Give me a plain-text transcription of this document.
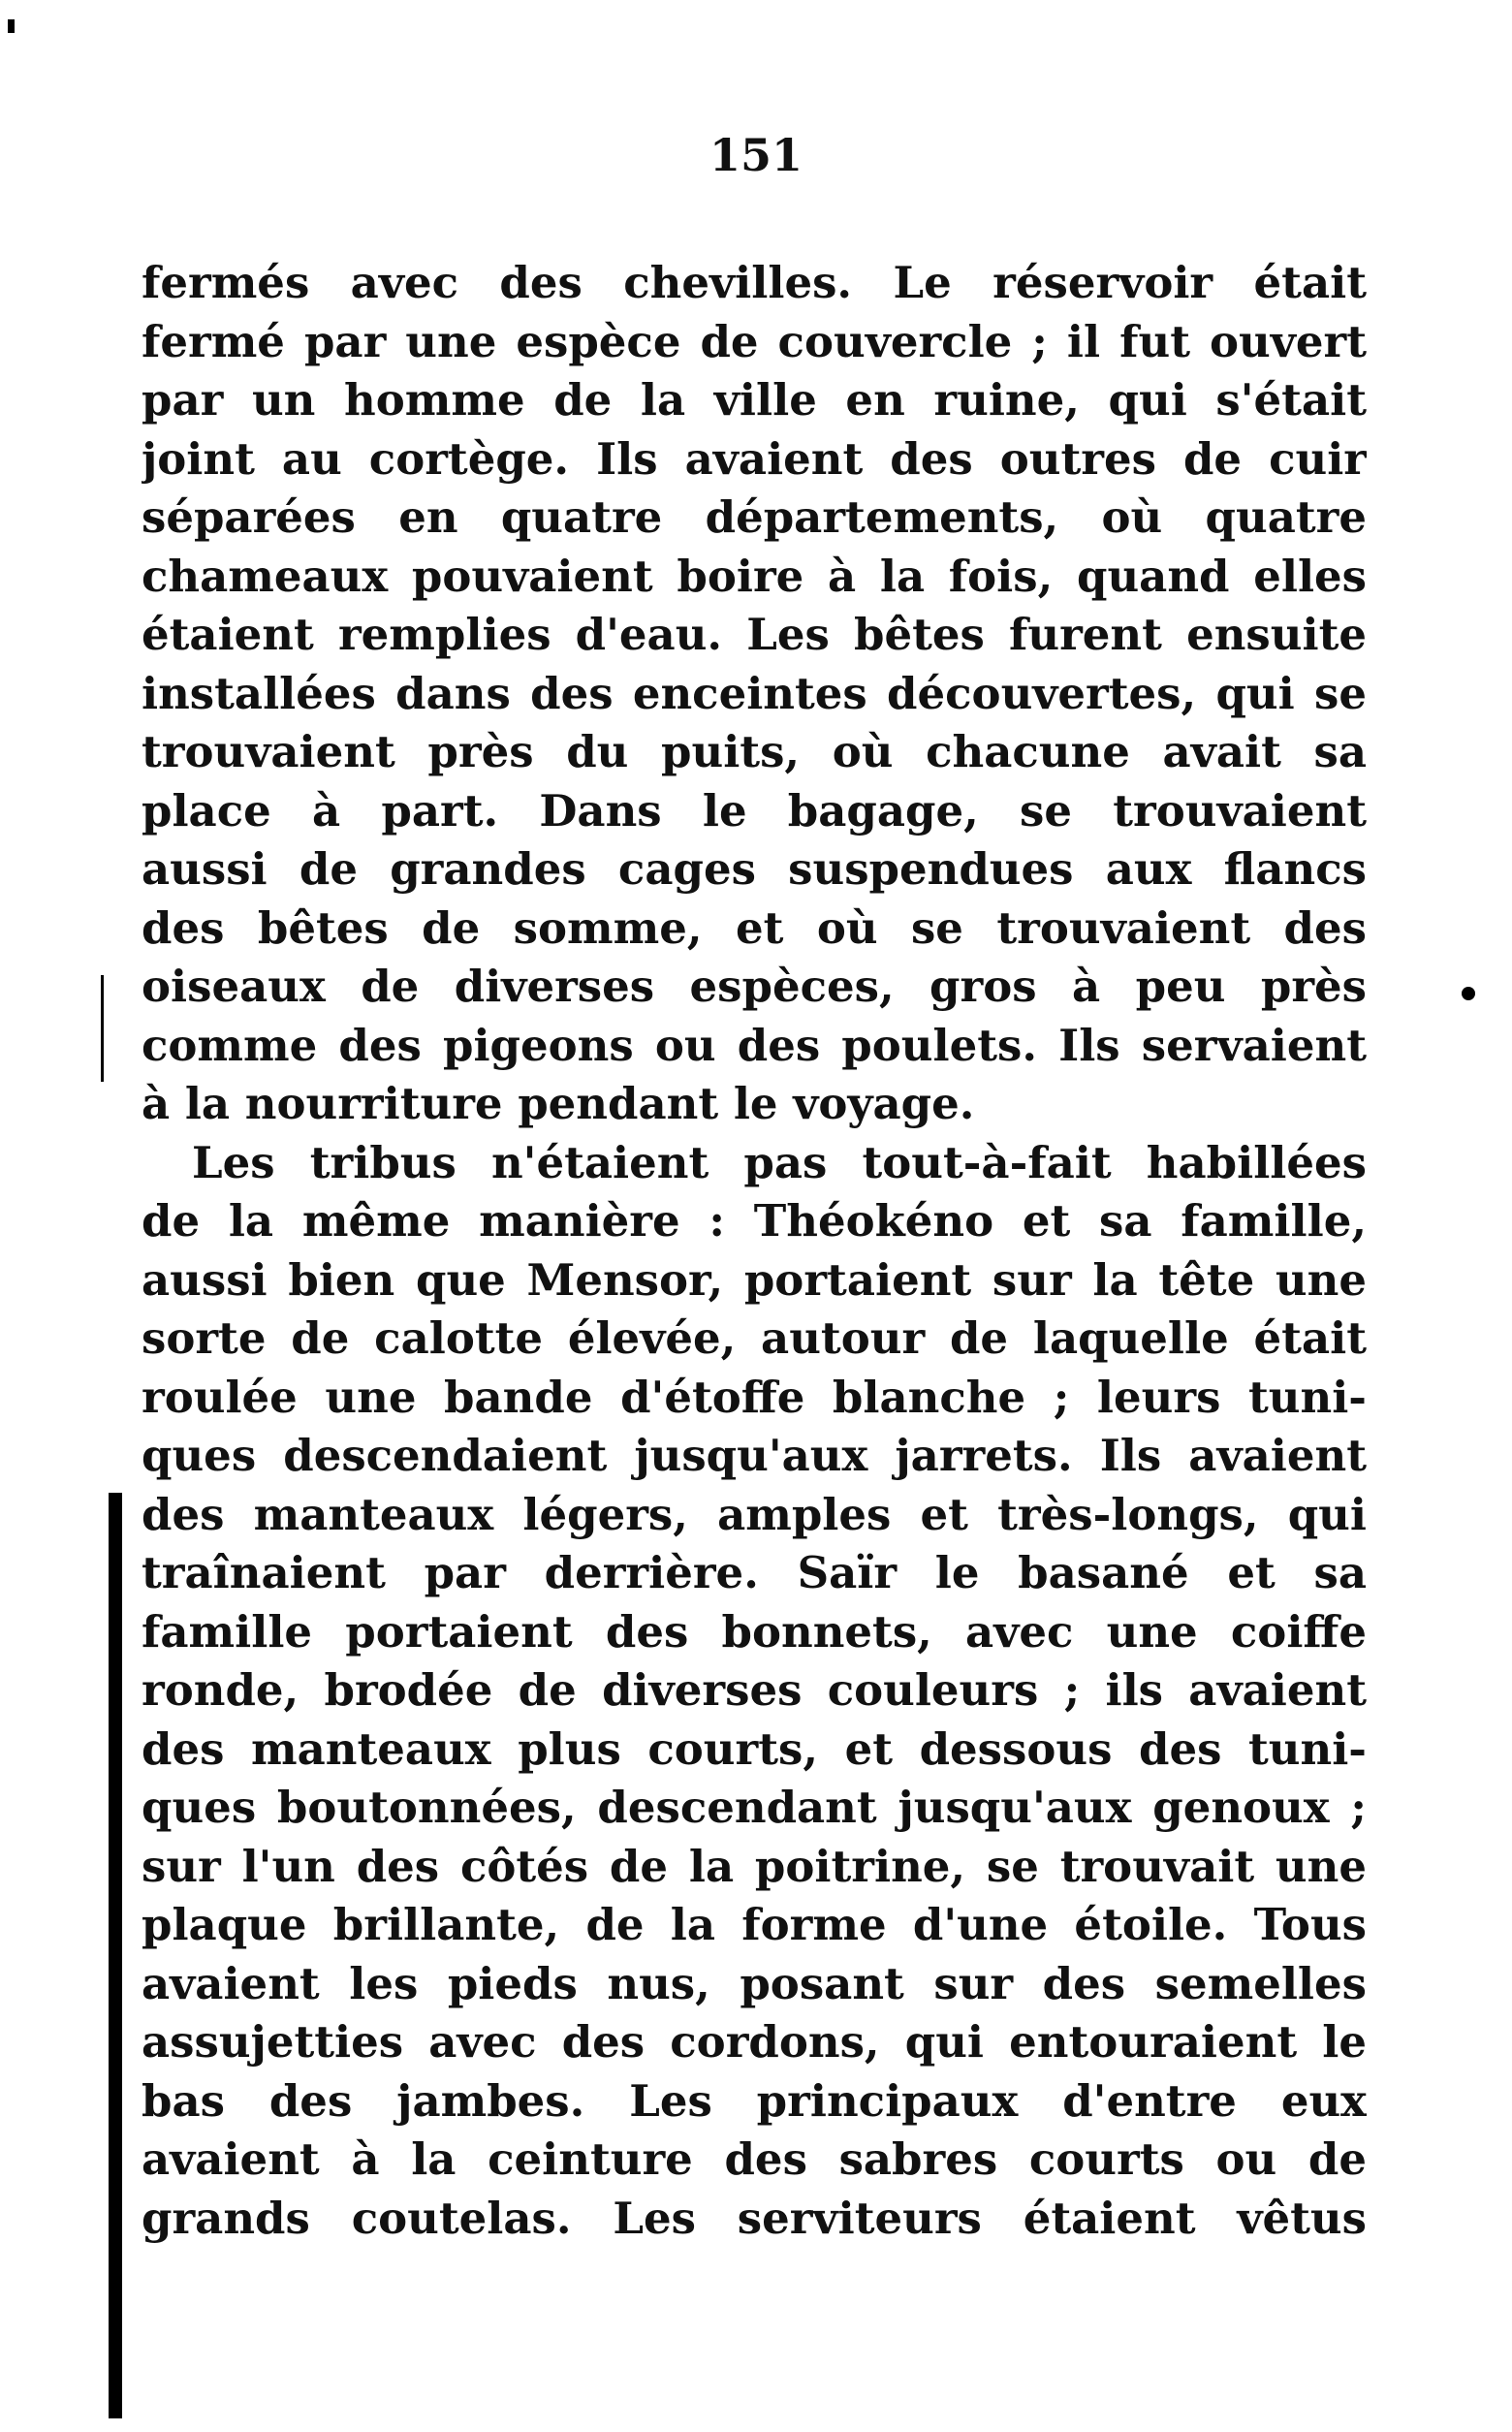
151
fermés avec des chevilles. Le réservoir était
fermé par une espèce de couvercle ; il fut ouvert
par un homme de la ville en ruine, qui s'était
joint au cortège. Ils avaient des outres de cuir
séparées en quatre départements, où quatre
chameaux pouvaient boire à la fois, quand elles
étaient remplies d'eau. Les bêtes furent ensuite
installées dans des enceintes découvertes, qui se
trouvaient près du puits, où chacune avait sa
place à part. Dans le bagage, se trouvaient
aussi de grandes cages suspendues aux flancs
des bêtes de somme, et où se trouvaient des
oiseaux de diverses espèces, gros à peu près
comme des pigeons ou des poulets. Ils servaient
à la nourriture pendant le voyage.
Les tribus n'étaient pas tout-à-fait habillées
de la même manière : Théokéno et sa famille,
aussi bien que Mensor, portaient sur la tête une
sorte de calotte élevée, autour de laquelle était
roulée une bande d'étoffe blanche ; leurs tuni-
ques descendaient jusqu'aux jarrets. Ils avaient
des manteaux légers, amples et très-longs, qui
traînaient par derrière. Saïr le basané et sa
famille portaient des bonnets, avec une coiffe
ronde, brodée de diverses couleurs ; ils avaient
des manteaux plus courts, et dessous des tuni-
ques boutonnées, descendant jusqu'aux genoux ;
sur l'un des côtés de la poitrine, se trouvait une
plaque brillante, de la forme d'une étoile. Tous
avaient les pieds nus, posant sur des semelles
assujetties avec des cordons, qui entouraient le
bas des jambes. Les principaux d'entre eux
avaient à la ceinture des sabres courts ou de
grands coutelas. Les serviteurs étaient vêtus
